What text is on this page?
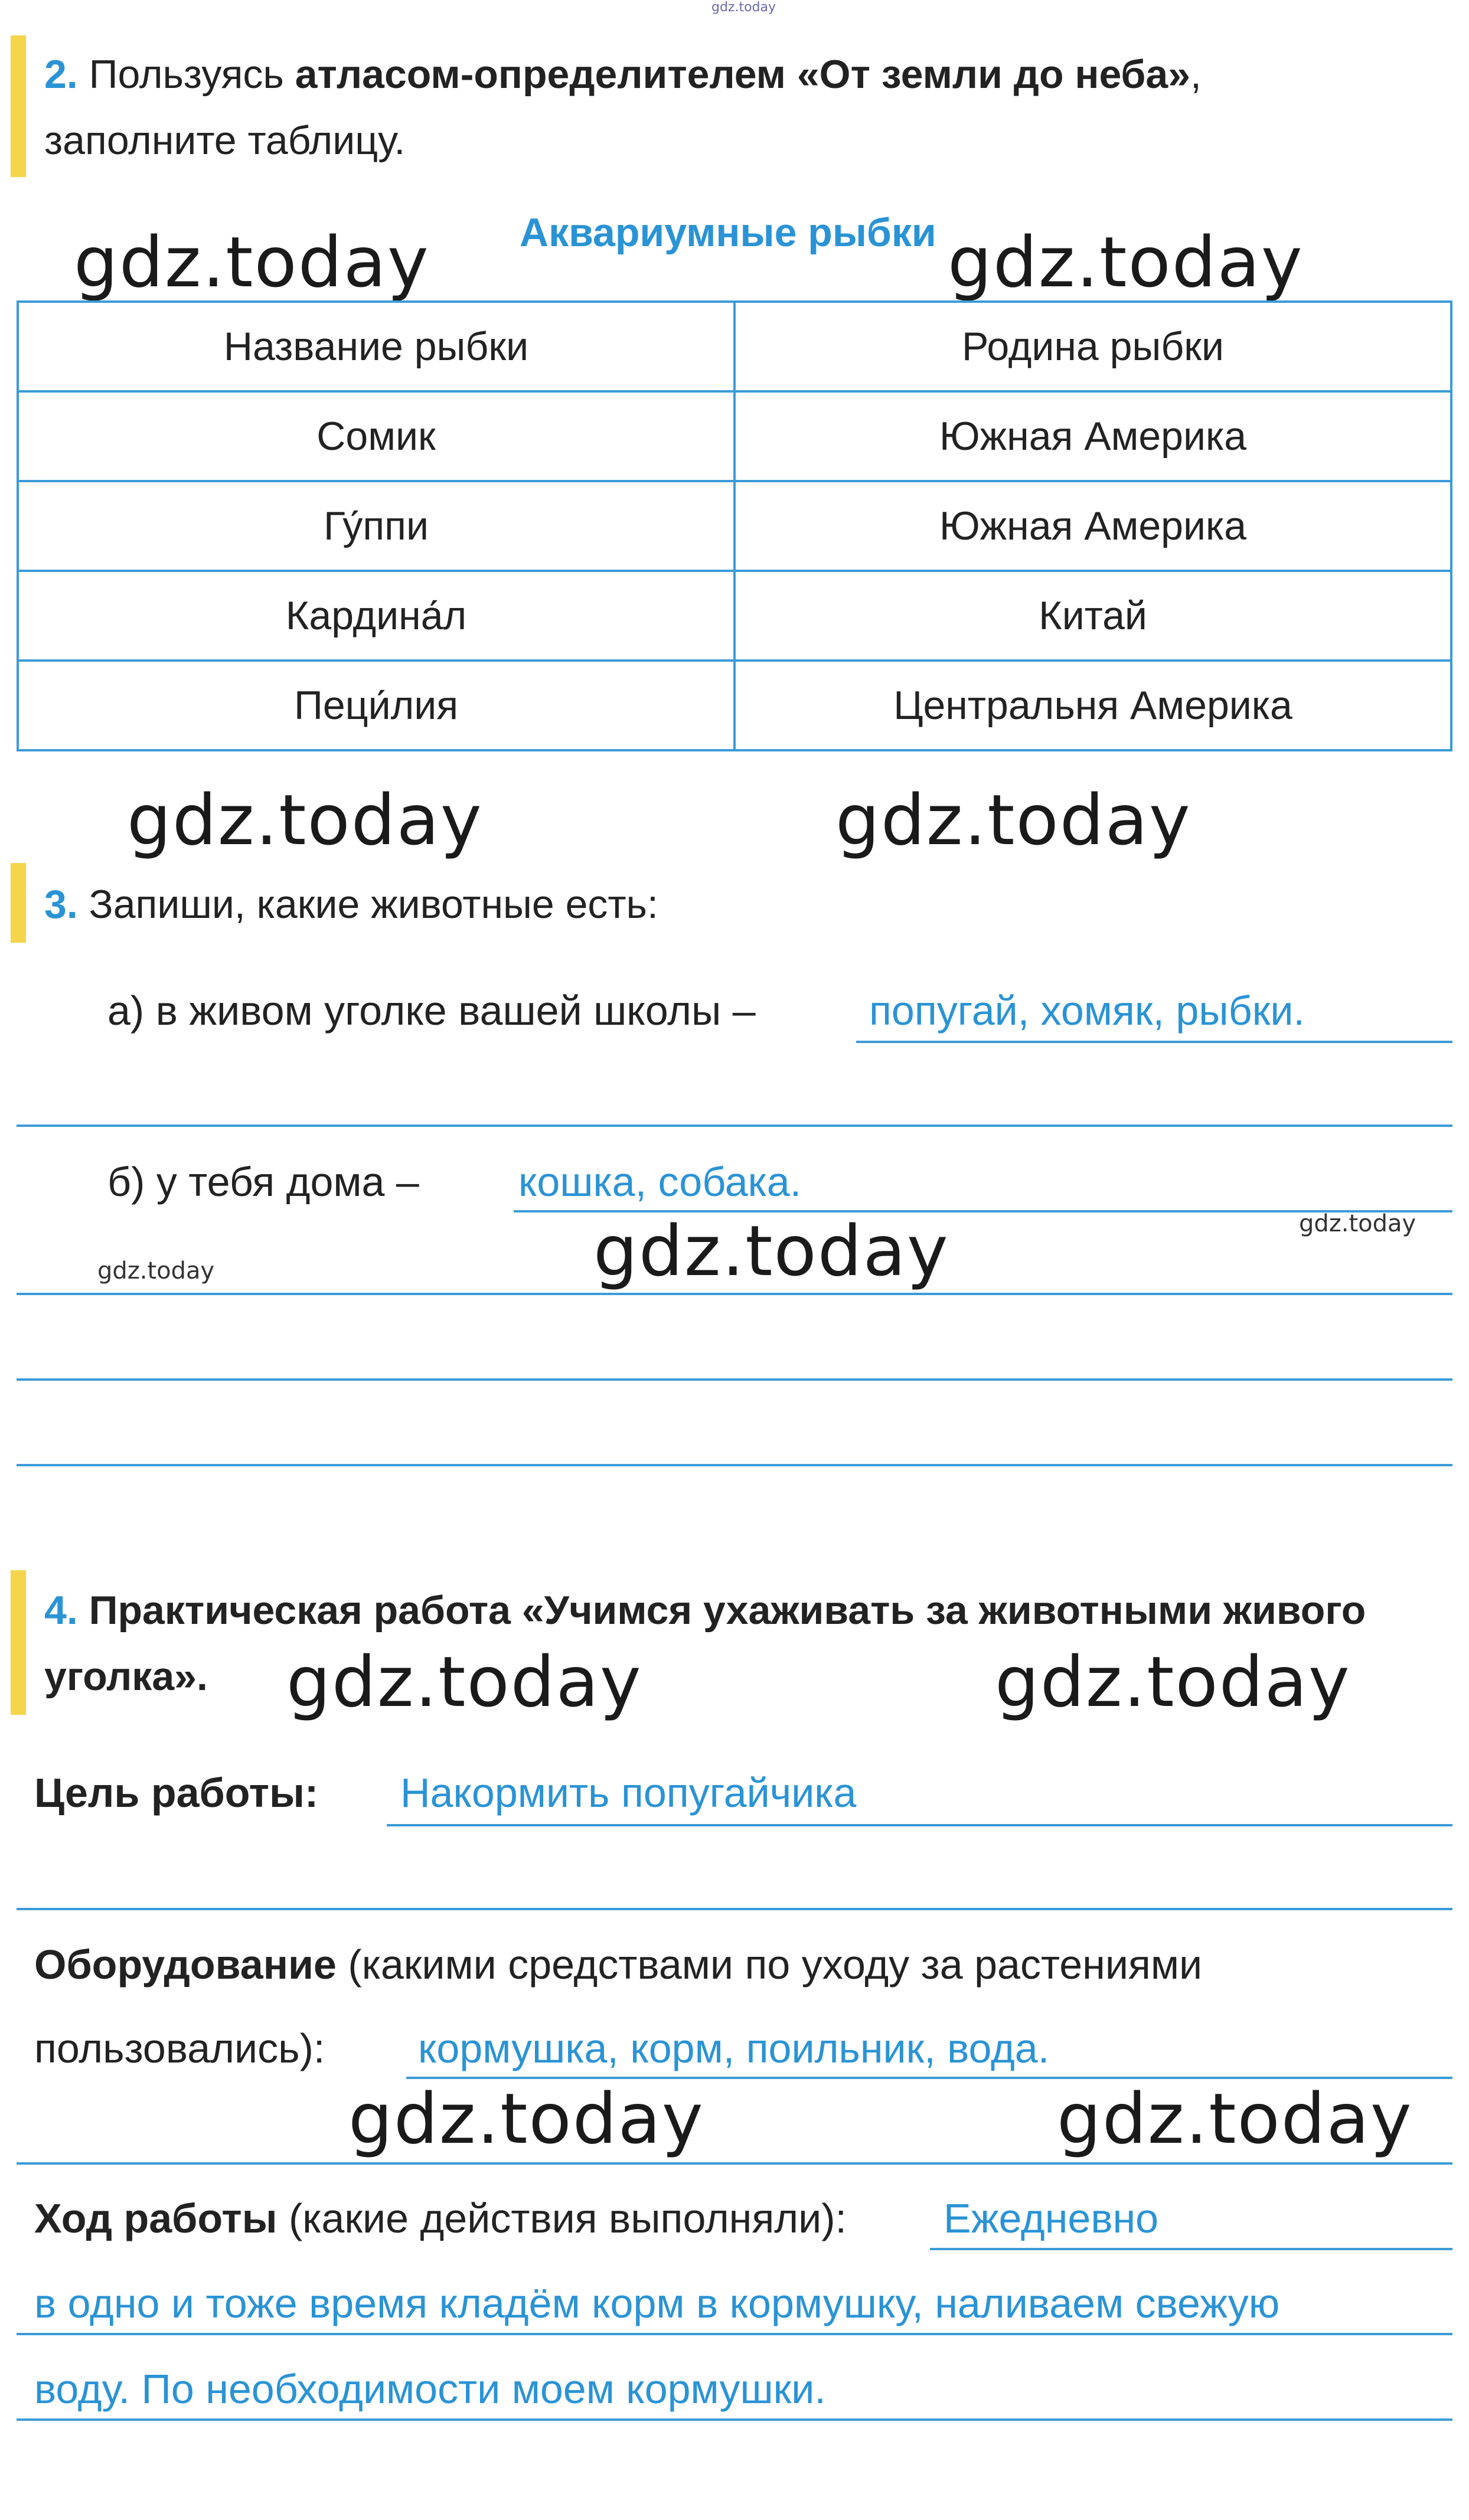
gdz.today
2. Пользуясь атласом-определителем «От земли до неба»,
заполните таблицу.
gdz.today Аквариумные рыбки gdz.today
Название рыбки	Родина рыбки
Сомик	Южная Америка
Гу́ппи	Южная Америка
Кардина́л	Китай
Пеци́лия	Центральня Америка
gdz.today	gdz.today
3. Запиши, какие животные есть:
а) в живом уголке вашей школы –	попугай, хомяк, рыбки.
б) у тебя дома – кошка, собака.
gdz.today
gdz.today
gdz.today
4. Практическая работа «Учимся ухаживать за животными живого
уголка».	gdz.today	gdz.today
Цель работы: Накормить попугайчика
Оборудование (какими средствами по уходу за растениями
пользовались): кормушка, корм, поильник, вода.
gdz.today	gdz.today
Ход работы (какие действия выполняли): Ежедневно
в одно и тоже время кладём корм в кормушку, наливаем свежую
воду. По необходимости моем кормушки.
